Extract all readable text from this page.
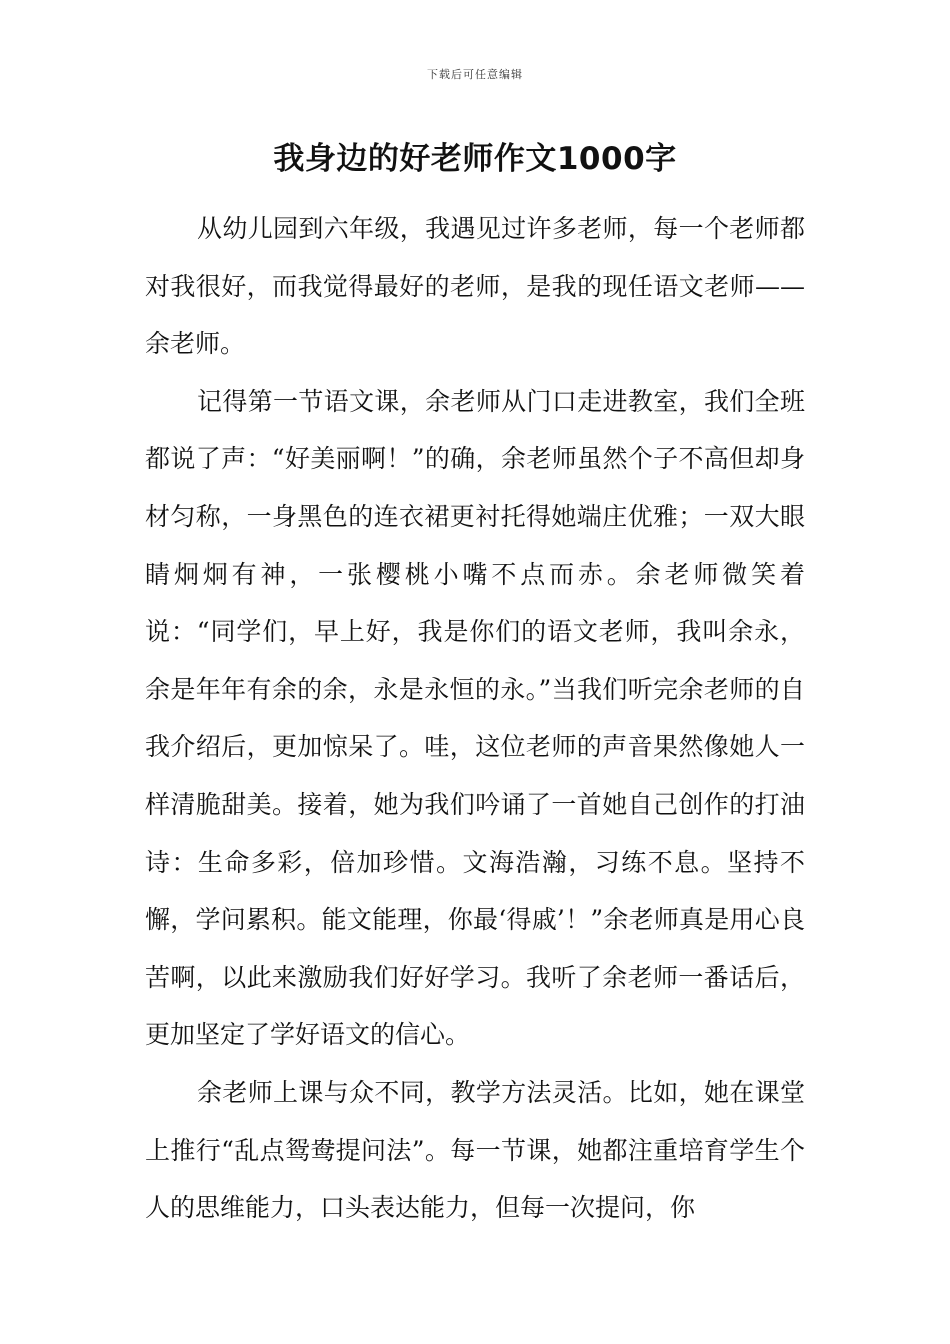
下载后可任意编辑
我身边的好老师作文1000字

从幼儿园到六年级，我遇见过许多老师，每一个老师都对我很好，而我觉得最好的老师，是我的现任语文老师——余老师。

记得第一节语文课，余老师从门口走进教室，我们全班都说了声：“好美丽啊！”的确，余老师虽然个子不高但却身材匀称，一身黑色的连衣裙更衬托得她端庄优雅；一双大眼睛炯炯有神，一张樱桃小嘴不点而赤。余老师微笑着说：“同学们，早上好，我是你们的语文老师，我叫余永，余是年年有余的余，永是永恒的永。”当我们听完余老师的自我介绍后，更加惊呆了。哇，这位老师的声音果然像她人一样清脆甜美。接着，她为我们吟诵了一首她自己创作的打油诗：生命多彩，倍加珍惜。文海浩瀚，习练不息。坚持不懈，学问累积。能文能理，你最‘得戚’！”余老师真是用心良苦啊，以此来激励我们好好学习。我听了余老师一番话后，更加坚定了学好语文的信心。

余老师上课与众不同，教学方法灵活。比如，她在课堂上推行“乱点鸳鸯提问法”。每一节课，她都注重培育学生个人的思维能力，口头表达能力，但每一次提问，你
